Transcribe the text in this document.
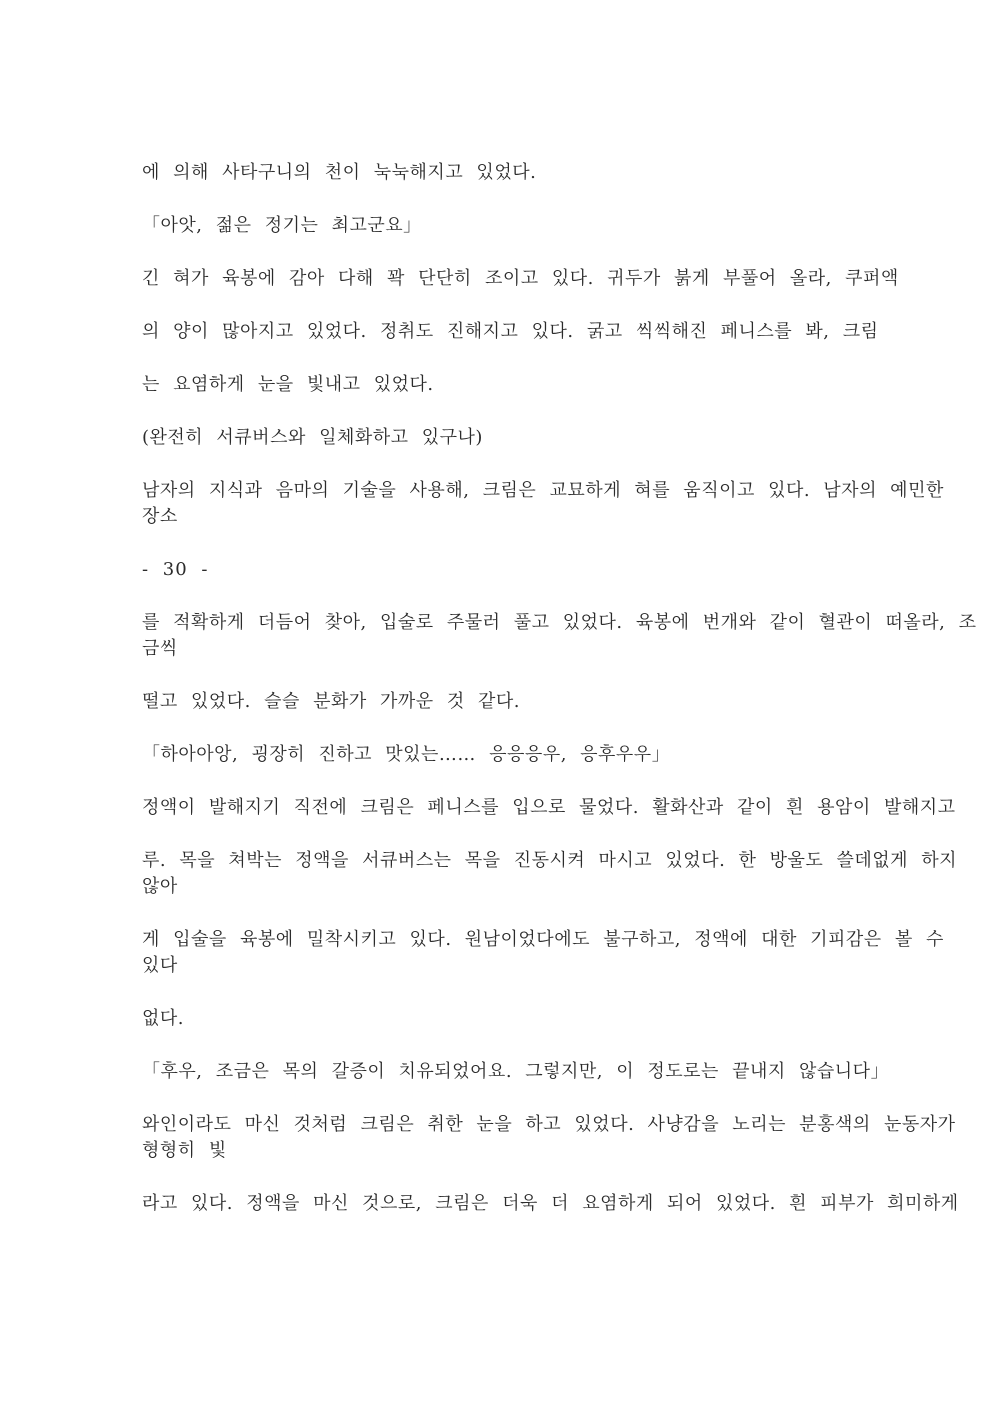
에 의해 사타구니의 천이 눅눅해지고 있었다.
「아앗, 젊은 정기는 최고군요」
긴 혀가 육봉에 감아 다해 꽉 단단히 조이고 있다. 귀두가 붉게 부풀어 올라, 쿠퍼액
의 양이 많아지고 있었다. 정취도 진해지고 있다. 굵고 씩씩해진 페니스를 봐, 크림
는 요염하게 눈을 빛내고 있었다.
(완전히 서큐버스와 일체화하고 있구나)
남자의 지식과 음마의 기술을 사용해, 크림은 교묘하게 혀를 움직이고 있다. 남자의 예민한
장소
- 30 -
를 적확하게 더듬어 찾아, 입술로 주물러 풀고 있었다. 육봉에 번개와 같이 혈관이 떠올라, 조
금씩
떨고 있었다. 슬슬 분화가 가까운 것 같다.
「하아아앙, 굉장히 진하고 맛있는…… 응응응우, 응후우우」
정액이 발해지기 직전에 크림은 페니스를 입으로 물었다. 활화산과 같이 흰 용암이 발해지고
루. 목을 쳐박는 정액을 서큐버스는 목을 진동시켜 마시고 있었다. 한 방울도 쓸데없게 하지
않아
게 입술을 육봉에 밀착시키고 있다. 원남이었다에도 불구하고, 정액에 대한 기피감은 볼 수
있다
없다.
「후우, 조금은 목의 갈증이 치유되었어요. 그렇지만, 이 정도로는 끝내지 않습니다」
와인이라도 마신 것처럼 크림은 취한 눈을 하고 있었다. 사냥감을 노리는 분홍색의 눈동자가
형형히 빛
라고 있다. 정액을 마신 것으로, 크림은 더욱 더 요염하게 되어 있었다. 흰 피부가 희미하게
